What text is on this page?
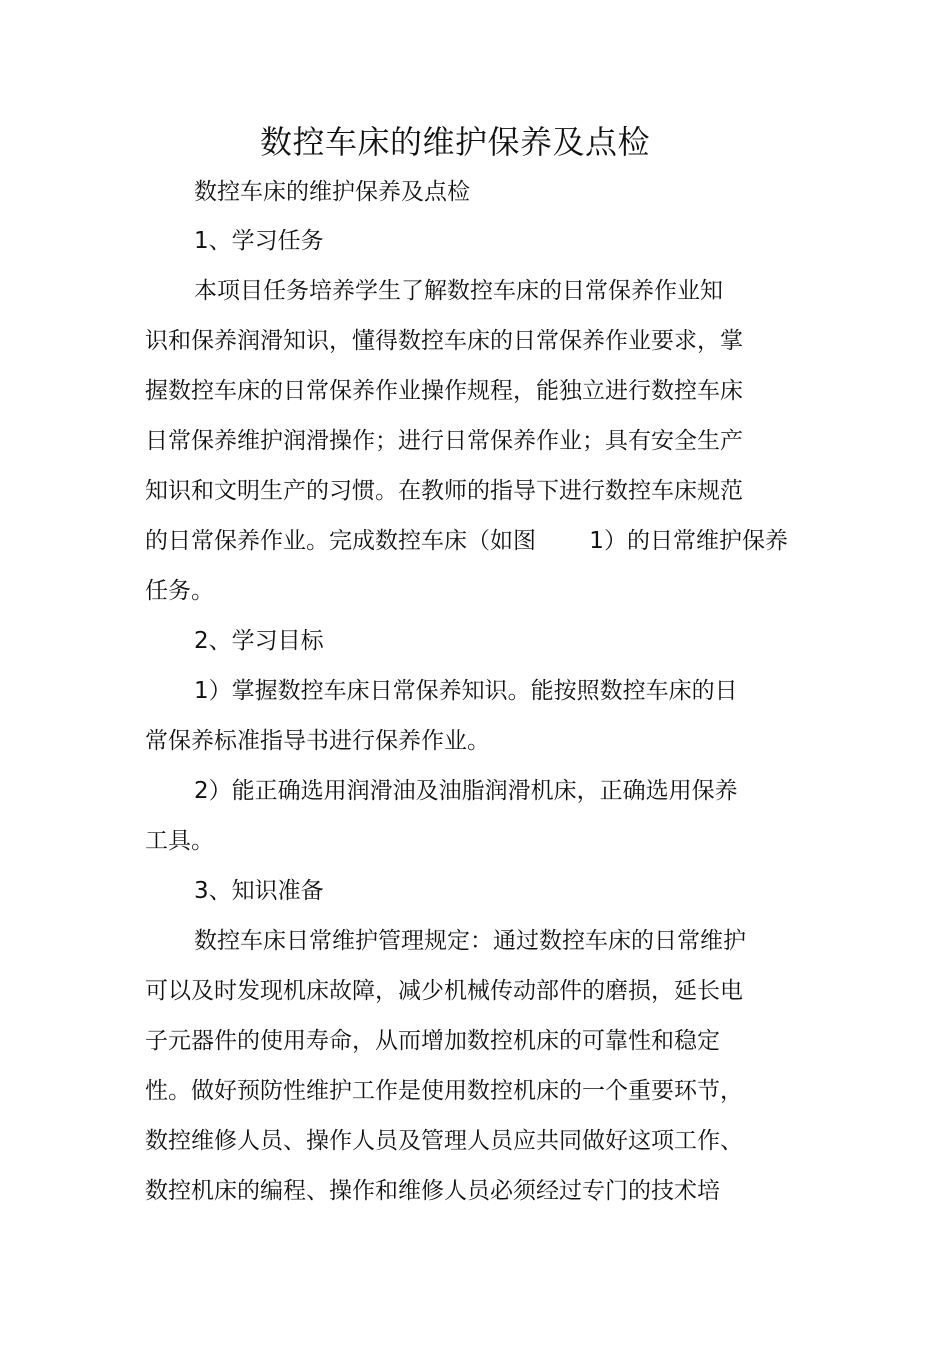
数控车床的维护保养及点检
数控车床的维护保养及点检
1、学习任务
本项目任务培养学生了解数控车床的日常保养作业知
识和保养润滑知识，懂得数控车床的日常保养作业要求，掌
握数控车床的日常保养作业操作规程，能独立进行数控车床
日常保养维护润滑操作；进行日常保养作业；具有安全生产
知识和文明生产的习惯。在教师的指导下进行数控车床规范
的日常保养作业。完成数控车床（如图　　 1）的日常维护保养
任务。
2、学习目标
1）掌握数控车床日常保养知识。能按照数控车床的日
常保养标准指导书进行保养作业。
2）能正确选用润滑油及油脂润滑机床，正确选用保养
工具。
3、知识准备
数控车床日常维护管理规定：通过数控车床的日常维护
可以及时发现机床故障，减少机械传动部件的磨损，延长电
子元器件的使用寿命，从而增加数控机床的可靠性和稳定
性。做好预防性维护工作是使用数控机床的一个重要环节，
数控维修人员、操作人员及管理人员应共同做好这项工作、
数控机床的编程、操作和维修人员必须经过专门的技术培
